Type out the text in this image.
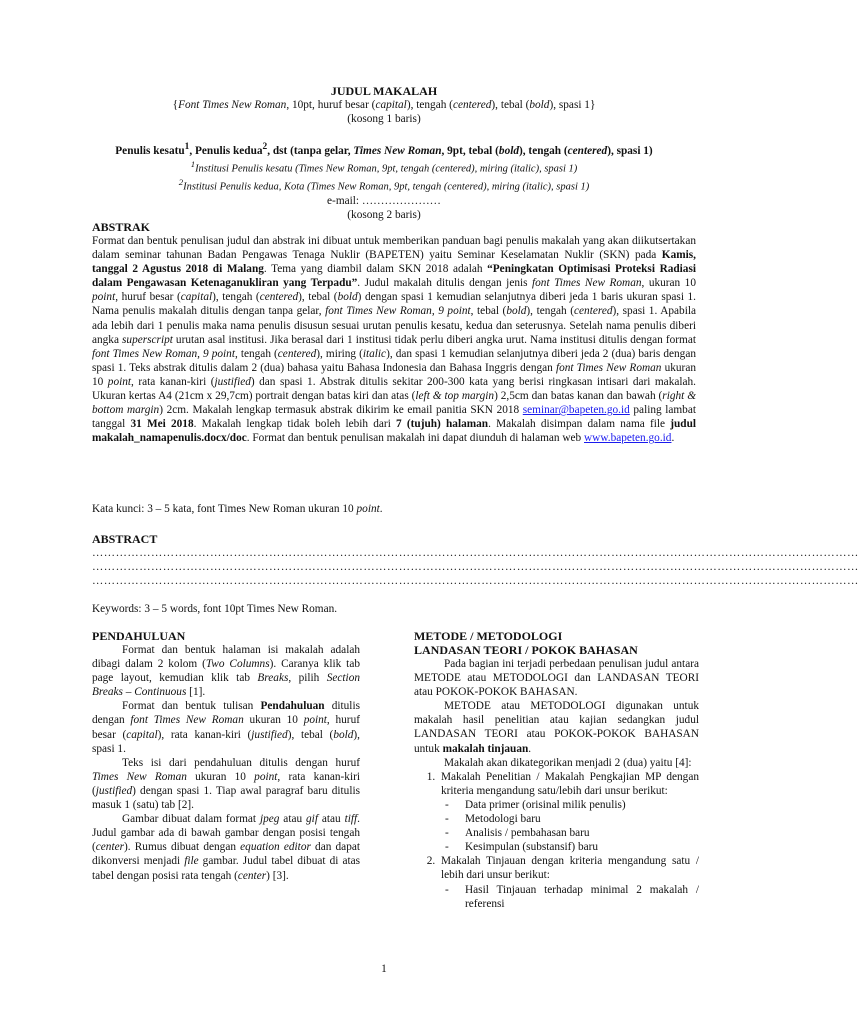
JUDUL MAKALAH
{Font Times New Roman, 10pt, huruf besar (capital), tengah (centered), tebal (bold), spasi 1}
(kosong 1 baris)
Penulis kesatu$^1$, Penulis kedua$^2$, dst (tanpa gelar, Times New Roman, 9pt, tebal (bold), tengah (centered), spasi 1)
$^1$Institusi Penulis kesatu (Times New Roman, 9pt, tengah (centered), miring (italic), spasi 1)
$^2$Institusi Penulis kedua, Kota (Times New Roman, 9pt, tengah (centered), miring (italic), spasi 1)
e-mail: …………………
(kosong 2 baris)
ABSTRAK

Format dan bentuk penulisan judul dan abstrak ini dibuat untuk memberikan panduan bagi penulis makalah yang akan diikutsertakan dalam seminar tahunan Badan Pengawas Tenaga Nuklir (BAPETEN) yaitu Seminar Keselamatan Nuklir (SKN) pada Kamis, tanggal 2 Agustus 2018 di Malang. Tema yang diambil dalam SKN 2018 adalah “Peningkatan Optimisasi Proteksi Radiasi dalam Pengawasan Ketenaganukliran yang Terpadu”. Judul makalah ditulis dengan jenis font Times New Roman, ukuran 10 point, huruf besar (capital), tengah (centered), tebal (bold) dengan spasi 1 kemudian selanjutnya diberi jeda 1 baris ukuran spasi 1. Nama penulis makalah ditulis dengan tanpa gelar, font Times New Roman, 9 point, tebal (bold), tengah (centered), spasi 1. Apabila ada lebih dari 1 penulis maka nama penulis disusun sesuai urutan penulis kesatu, kedua dan seterusnya. Setelah nama penulis diberi angka superscript urutan asal institusi. Jika berasal dari 1 institusi tidak perlu diberi angka urut. Nama institusi ditulis dengan format font Times New Roman, 9 point, tengah (centered), miring (italic), dan spasi 1 kemudian selanjutnya diberi jeda 2 (dua) baris dengan spasi 1. Teks abstrak ditulis dalam 2 (dua) bahasa yaitu Bahasa Indonesia dan Bahasa Inggris dengan font Times New Roman ukuran 10 point, rata kanan-kiri (justified) dan spasi 1. Abstrak ditulis sekitar 200-300 kata yang berisi ringkasan intisari dari makalah. Ukuran kertas A4 (21cm x 29,7cm) portrait dengan batas kiri dan atas (left & top margin) 2,5cm dan batas kanan dan bawah (right & bottom margin) 2cm. Makalah lengkap termasuk abstrak dikirim ke email panitia SKN 2018 seminar@bapeten.go.id paling lambat tanggal 31 Mei 2018. Makalah lengkap tidak boleh lebih dari 7 (tujuh) halaman. Makalah disimpan dalam nama file judul makalah_namapenulis.docx/doc. Format dan bentuk penulisan makalah ini dapat diunduh di halaman web www.bapeten.go.id.

Kata kunci: 3 – 5 kata, font Times New Roman ukuran 10 point.
ABSTRACT
……………………………………………………………………………………………………………………………………………………………………………
……………………………………………………………………………………………………………………………………………………………………………
……………………………………………………………………………………………………………………………………………………………………………
Keywords: 3 – 5 words, font 10pt Times New Roman.
PENDAHULUAN

Format dan bentuk halaman isi makalah adalah dibagi dalam 2 kolom (Two Columns). Caranya klik tab page layout, kemudian klik tab Breaks, pilih Section Breaks – Continuous [1].

Format dan bentuk tulisan Pendahuluan ditulis dengan font Times New Roman ukuran 10 point, huruf besar (capital), rata kanan-kiri (justified), tebal (bold), spasi 1.

Teks isi dari pendahuluan ditulis dengan huruf Times New Roman ukuran 10 point, rata kanan-kiri (justified) dengan spasi 1. Tiap awal paragraf baru ditulis masuk 1 (satu) tab [2].

Gambar dibuat dalam format jpeg atau gif atau tiff. Judul gambar ada di bawah gambar dengan posisi tengah (center). Rumus dibuat dengan equation editor dan dapat dikonversi menjadi file gambar. Judul tabel dibuat di atas tabel dengan posisi rata tengah (center) [3].

METODE / METODOLOGI
LANDASAN TEORI / POKOK BAHASAN

Pada bagian ini terjadi perbedaan penulisan judul antara METODE atau METODOLOGI dan LANDASAN TEORI atau POKOK-POKOK BAHASAN.

METODE atau METODOLOGI digunakan untuk makalah hasil penelitian atau kajian sedangkan judul LANDASAN TEORI atau POKOK-POKOK BAHASAN untuk makalah tinjauan.

Makalah akan dikategorikan menjadi 2 (dua) yaitu [4]:

1. Makalah Penelitian / Makalah Pengkajian MP dengan kriteria mengandung satu/lebih dari unsur berikut:
- Data primer (orisinal milik penulis)
- Metodologi baru
- Analisis / pembahasan baru
- Kesimpulan (substansif) baru
2. Makalah Tinjauan dengan kriteria mengandung satu / lebih dari unsur berikut:
- Hasil Tinjauan terhadap minimal 2 makalah / referensi
1
